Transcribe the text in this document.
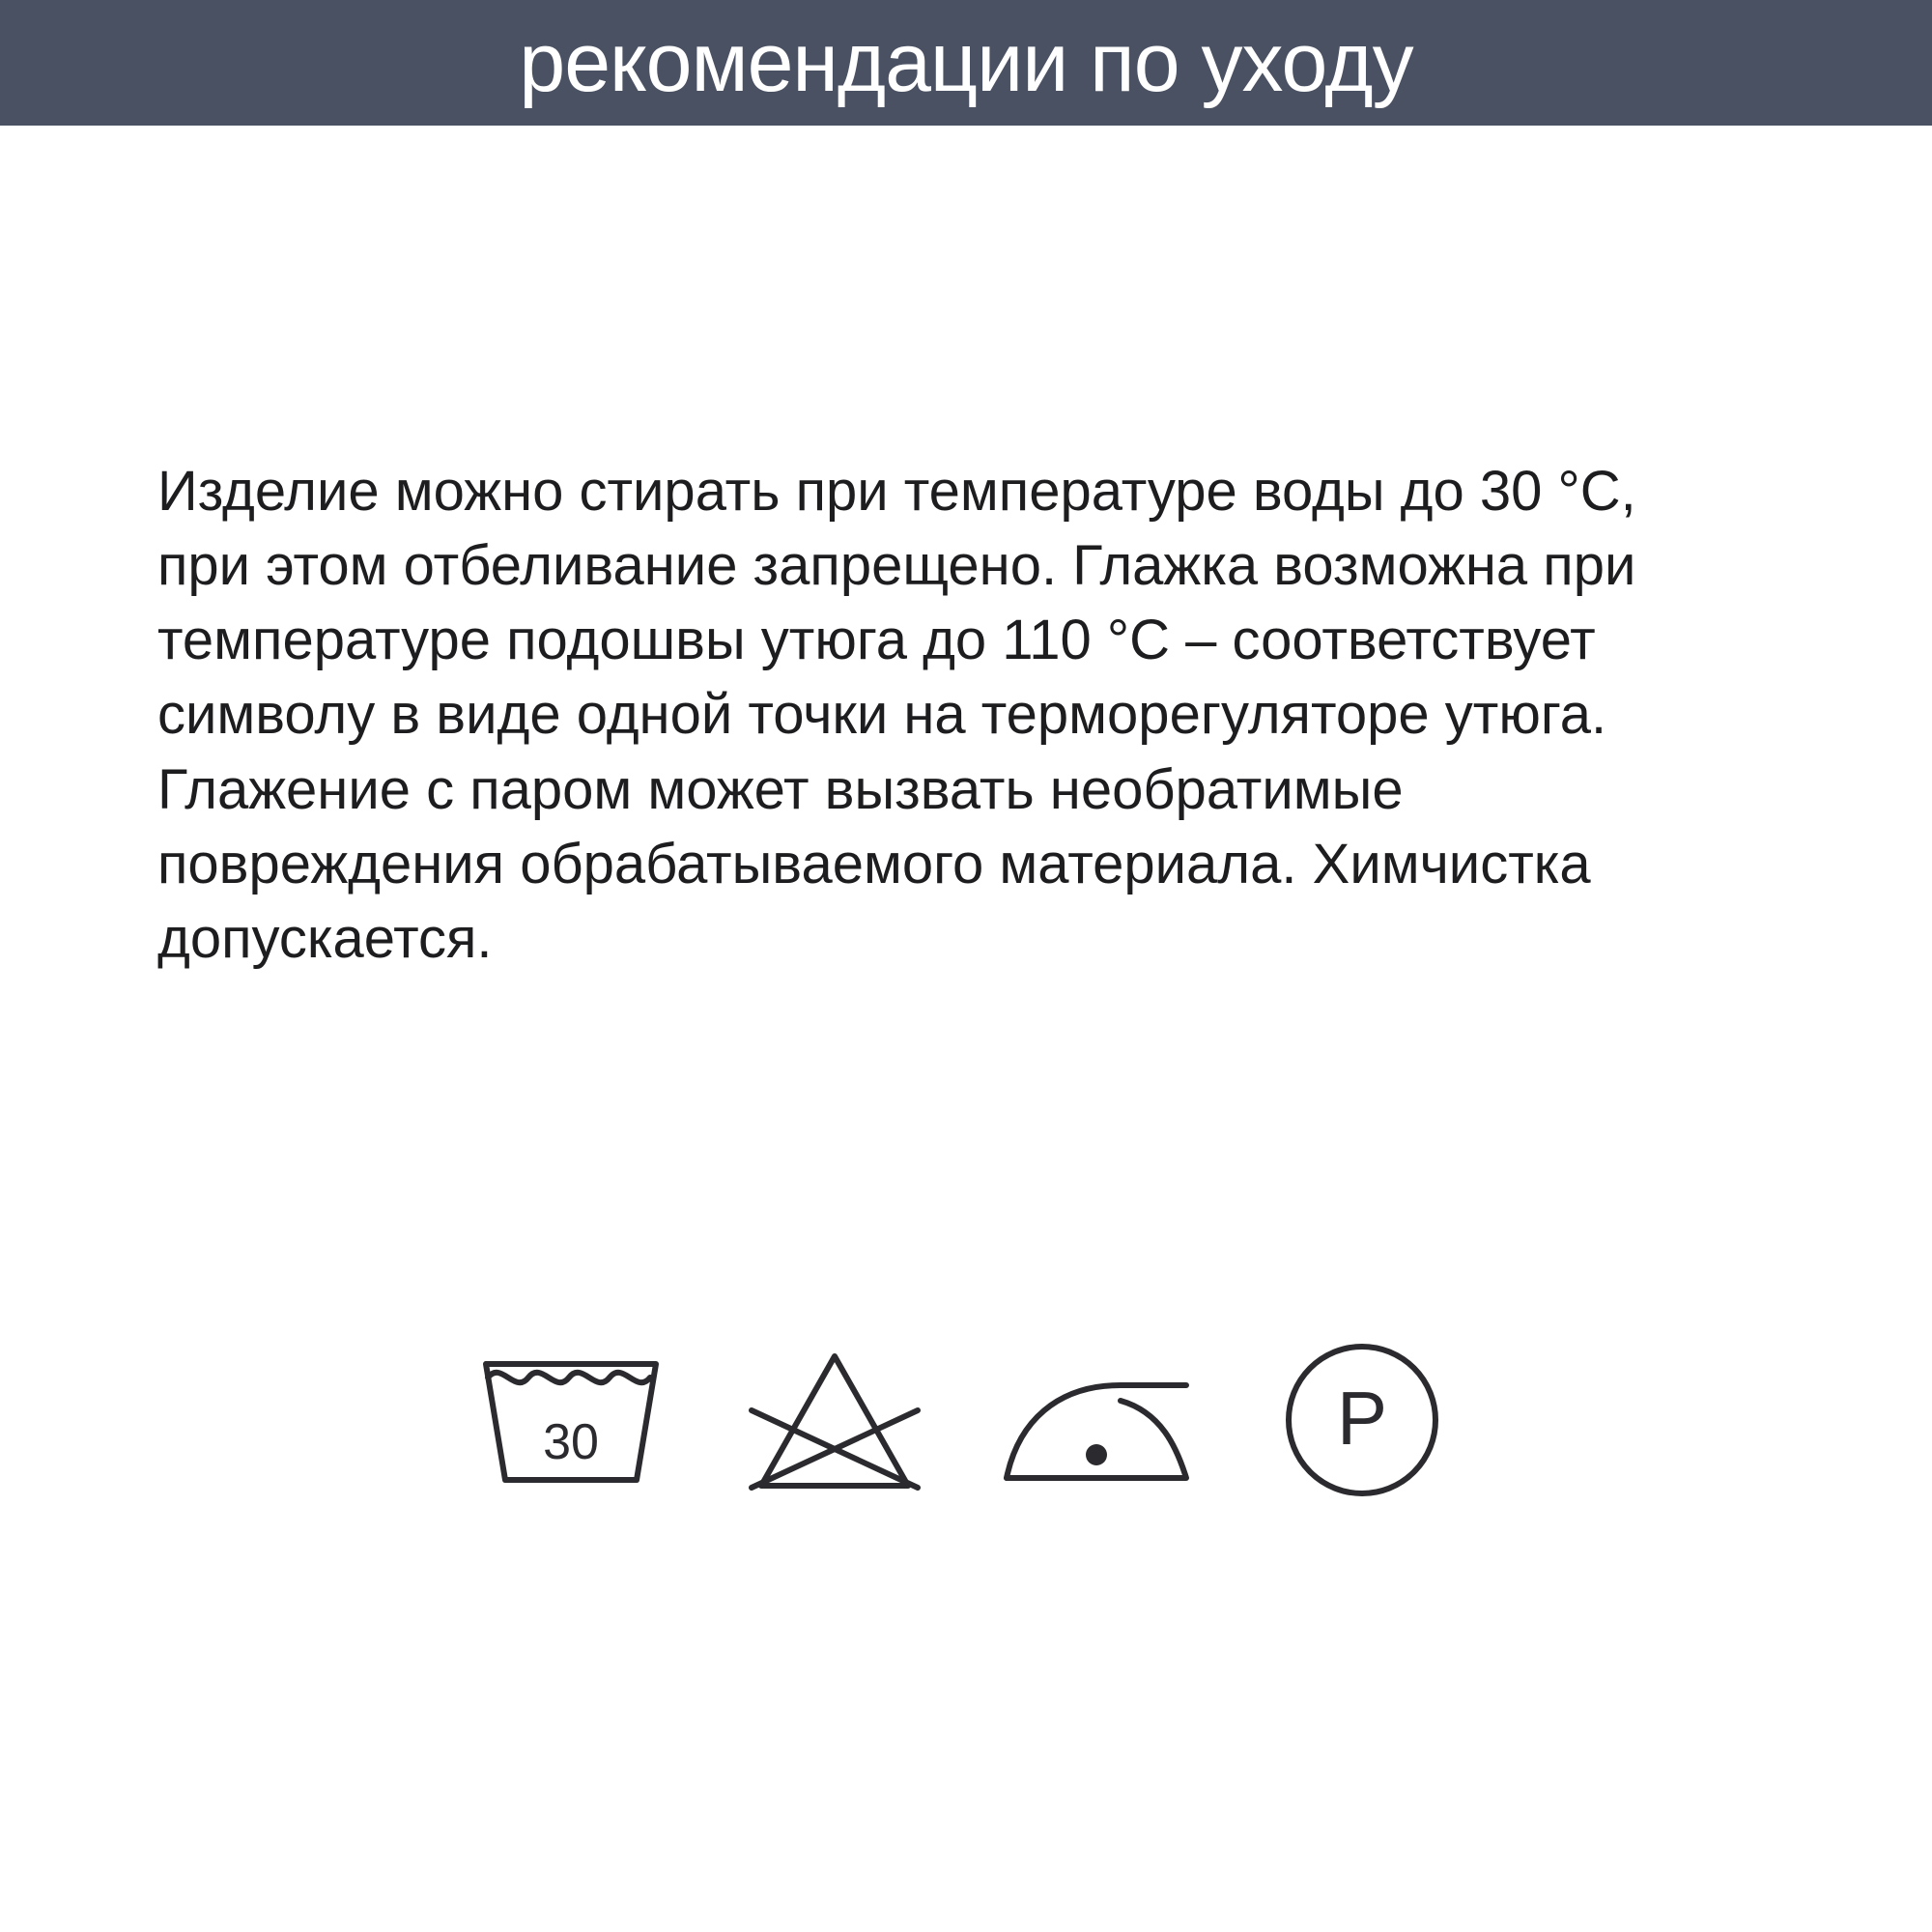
рекомендации по уходу
Изделие можно стирать при температуре воды до 30 °C, при этом отбеливание запрещено. Глажка возможна при температуре подошвы утюга до 110 °C – соответствует символу в виде одной точки на терморегуляторе утюга. Глажение с паром может вызвать необратимые повреждения обрабатываемого материала. Химчистка допускается.
30	P
